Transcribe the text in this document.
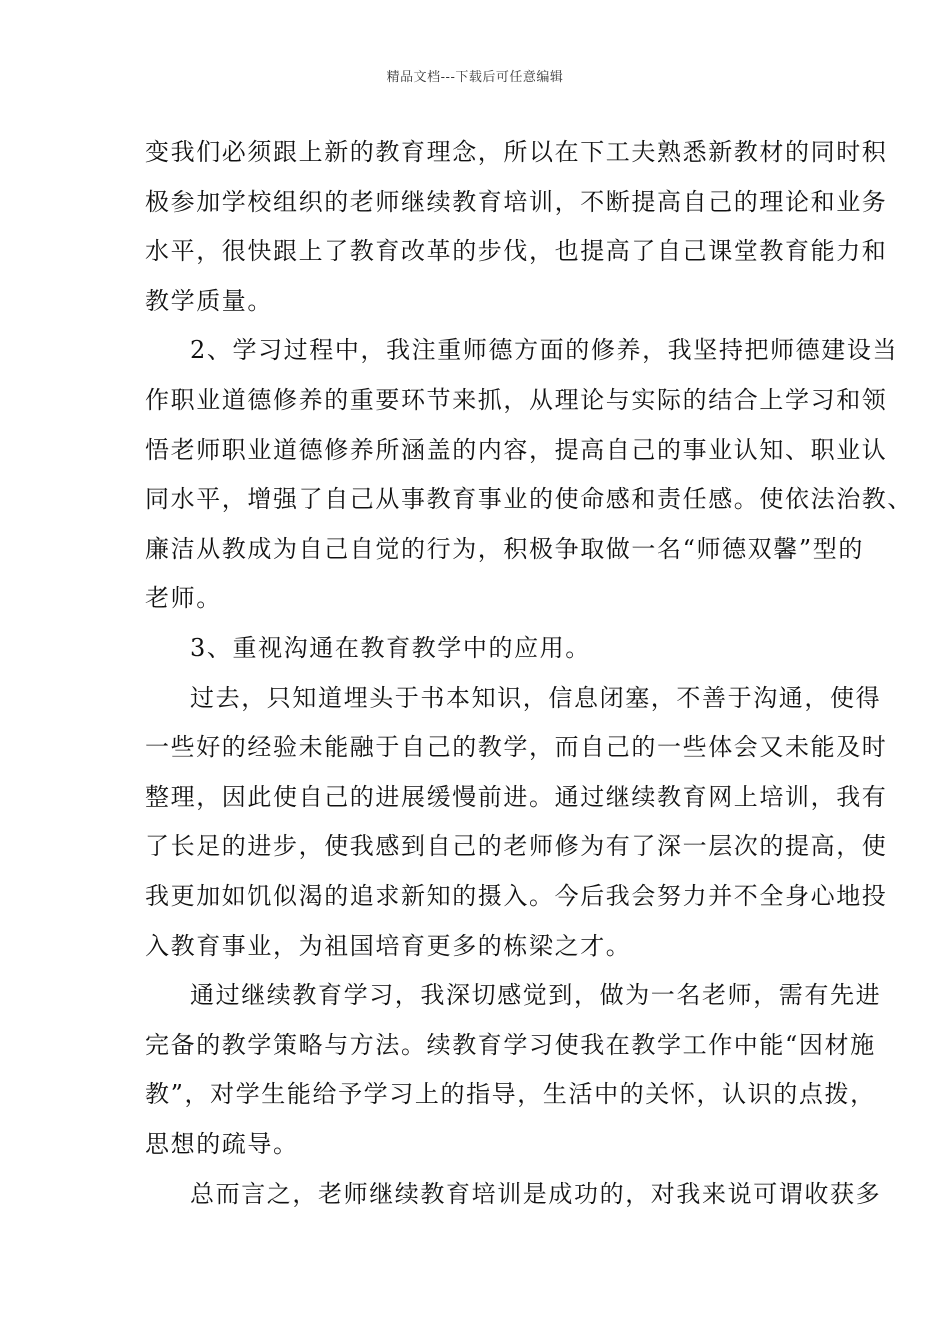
精品文档---下载后可任意编辑
变我们必须跟上新的教育理念，所以在下工夫熟悉新教材的同时积
极参加学校组织的老师继续教育培训，不断提高自己的理论和业务
水平，很快跟上了教育改革的步伐，也提高了自己课堂教育能力和
教学质量。
2、学习过程中，我注重师德方面的修养，我坚持把师德建设当
作职业道德修养的重要环节来抓，从理论与实际的结合上学习和领
悟老师职业道德修养所涵盖的内容，提高自己的事业认知、职业认
同水平，增强了自己从事教育事业的使命感和责任感。使依法治教、
廉洁从教成为自己自觉的行为，积极争取做一名“师德双馨”型的
老师。
3、重视沟通在教育教学中的应用。
过去，只知道埋头于书本知识，信息闭塞，不善于沟通，使得
一些好的经验未能融于自己的教学，而自己的一些体会又未能及时
整理，因此使自己的进展缓慢前进。通过继续教育网上培训，我有
了长足的进步，使我感到自己的老师修为有了深一层次的提高，使
我更加如饥似渴的追求新知的摄入。今后我会努力并不全身心地投
入教育事业，为祖国培育更多的栋梁之才。
通过继续教育学习，我深切感觉到，做为一名老师，需有先进
完备的教学策略与方法。续教育学习使我在教学工作中能“因材施
教”，对学生能给予学习上的指导，生活中的关怀，认识的点拨，
思想的疏导。
总而言之，老师继续教育培训是成功的，对我来说可谓收获多
